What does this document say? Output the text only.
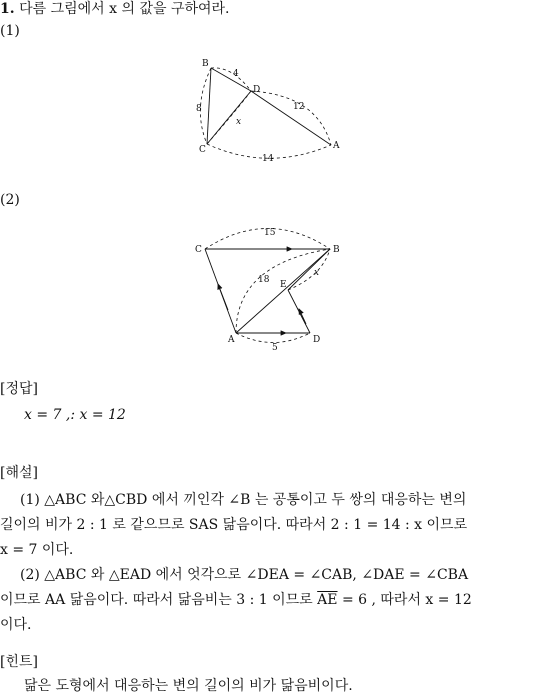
1. 다름 그림에서 x 의 값을 구하여라.
(1)
B
D
C	A
4
12
8
14
x
(2)
C	B
E
A	D
15
18
x
5
[정답]
x = 7 ,: x = 12
[해설]
(1) △ABC 와△CBD 에서 끼인각 ∠B 는 공통이고 두 쌍의 대응하는 변의
길이의 비가 2 : 1 로 같으므로 SAS 닮음이다. 따라서 2 : 1 = 14 : x 이므로
x = 7 이다.
(2) △ABC 와 △EAD 에서 엇각으로 ∠DEA = ∠CAB, ∠DAE = ∠CBA
이므로 AA 닮음이다. 따라서 닮음비는 3 : 1 이므로 $\overline{AE} = 6$ , 따라서 x = 12
이다.
[힌트]
닮은 도형에서 대응하는 변의 길이의 비가 닮음비이다.
